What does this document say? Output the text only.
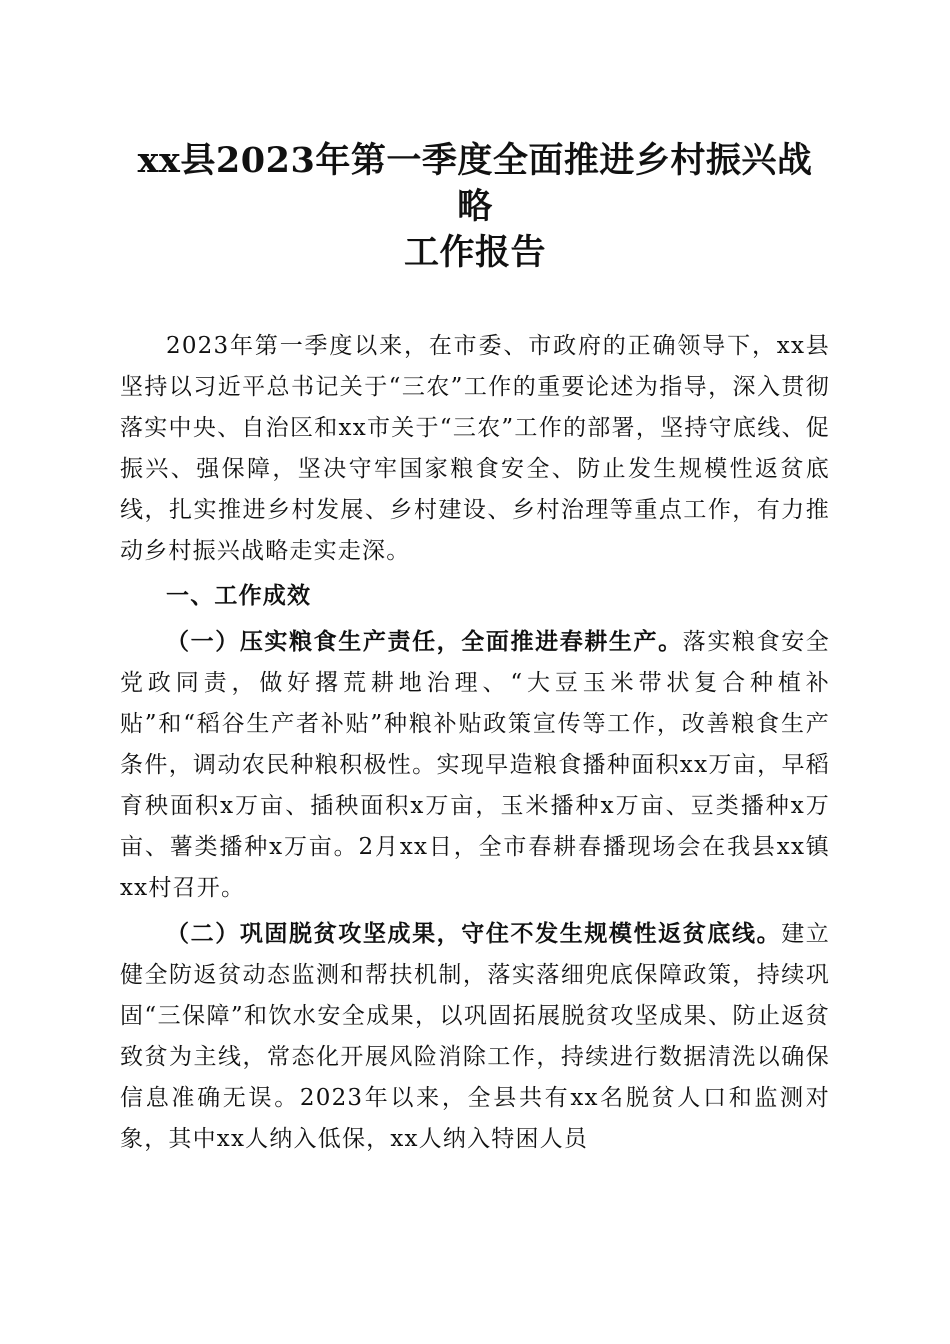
xx县2023年第一季度全面推进乡村振兴战略
工作报告

2023年第一季度以来，在市委、市政府的正确领导下，xx县坚持以习近平总书记关于“三农”工作的重要论述为指导，深入贯彻落实中央、自治区和xx市关于“三农”工作的部署，坚持守底线、促振兴、强保障，坚决守牢国家粮食安全、防止发生规模性返贫底线，扎实推进乡村发展、乡村建设、乡村治理等重点工作，有力推动乡村振兴战略走实走深。

一、工作成效

（一）压实粮食生产责任，全面推进春耕生产。落实粮食安全党政同责，做好撂荒耕地治理、“大豆玉米带状复合种植补贴”和“稻谷生产者补贴”种粮补贴政策宣传等工作，改善粮食生产条件，调动农民种粮积极性。实现早造粮食播种面积xx万亩，早稻育秧面积x万亩、插秧面积x万亩，玉米播种x万亩、豆类播种x万亩、薯类播种x万亩。2月xx日，全市春耕春播现场会在我县xx镇xx村召开。

（二）巩固脱贫攻坚成果，守住不发生规模性返贫底线。建立健全防返贫动态监测和帮扶机制，落实落细兜底保障政策，持续巩固“三保障”和饮水安全成果，以巩固拓展脱贫攻坚成果、防止返贫致贫为主线，常态化开展风险消除工作，持续进行数据清洗以确保信息准确无误。2023年以来，全县共有xx名脱贫人口和监测对象，其中xx人纳入低保，xx人纳入特困人员
